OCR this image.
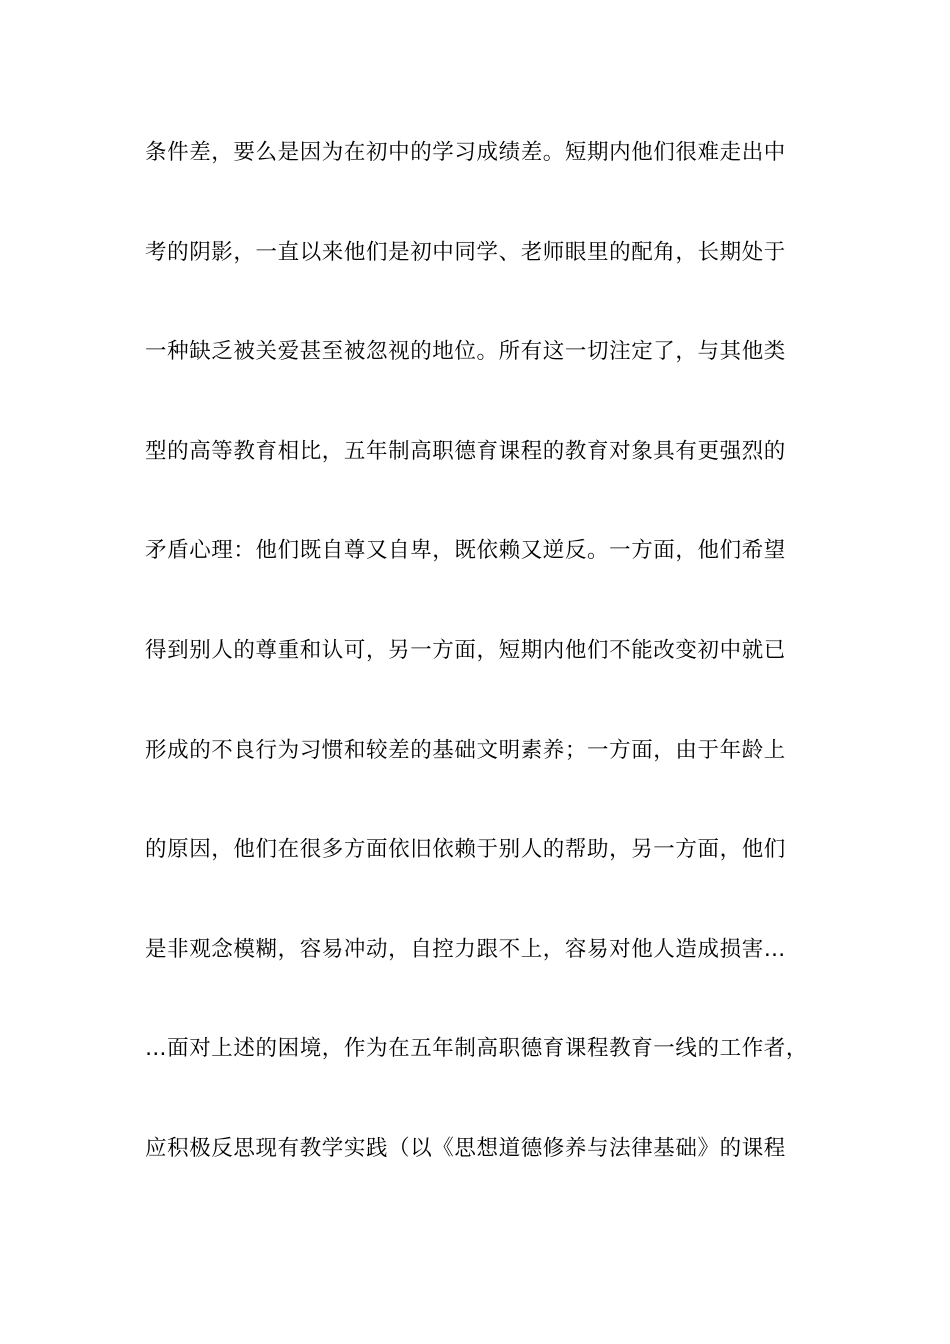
条件差，要么是因为在初中的学习成绩差。短期内他们很难走出中
考的阴影，一直以来他们是初中同学、老师眼里的配角，长期处于
一种缺乏被关爱甚至被忽视的地位。所有这一切注定了，与其他类
型的高等教育相比，五年制高职德育课程的教育对象具有更强烈的
矛盾心理：他们既自尊又自卑，既依赖又逆反。一方面，他们希望
得到别人的尊重和认可，另一方面，短期内他们不能改变初中就已
形成的不良行为习惯和较差的基础文明素养；一方面，由于年龄上
的原因，他们在很多方面依旧依赖于别人的帮助，另一方面，他们
是非观念模糊，容易冲动，自控力跟不上，容易对他人造成损害…
…面对上述的困境，作为在五年制高职德育课程教育一线的工作者，
应积极反思现有教学实践（以《思想道德修养与法律基础》的课程
